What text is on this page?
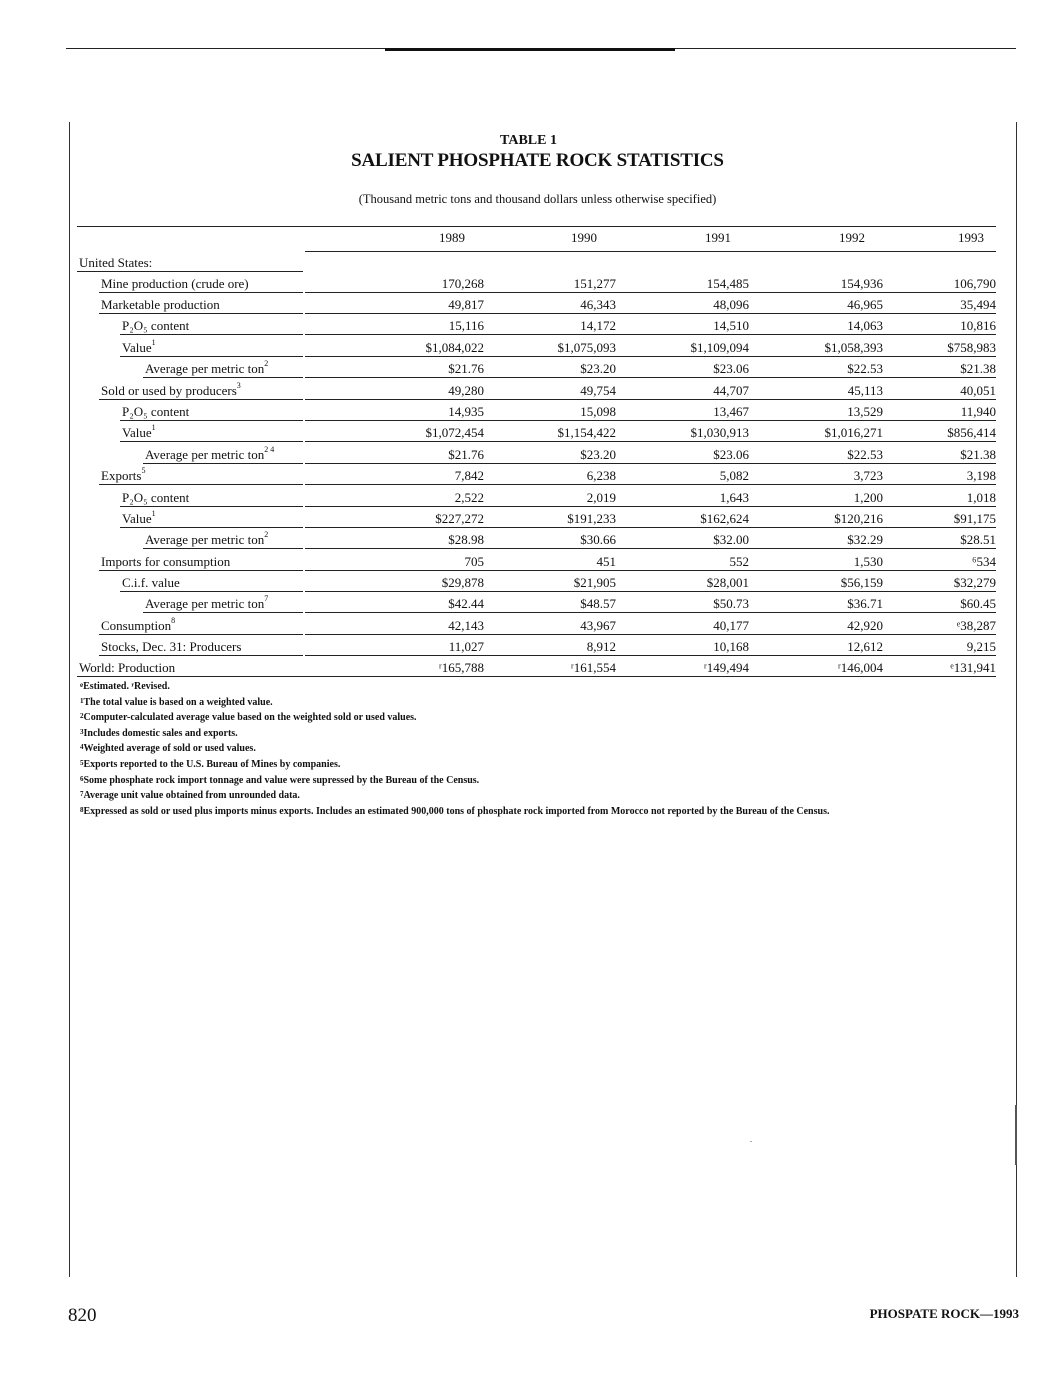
TABLE 1
SALIENT PHOSPHATE ROCK STATISTICS
(Thousand metric tons and thousand dollars unless otherwise specified)
1989	1990	1991	1992	1993
United States:
Mine production (crude ore)	170,268	151,277	154,485	154,936	106,790
Marketable production	49,817	46,343	48,096	46,965	35,494
P₂O₅ content	15,116	14,172	14,510	14,063	10,816
Value$^1$	$1,084,022	$1,075,093	$1,109,094	$1,058,393	$758,983
Average per metric ton$^2$	$21.76	$23.20	$23.06	$22.53	$21.38
Sold or used by producers$^3$	49,280	49,754	44,707	45,113	40,051
P₂O₅ content	14,935	15,098	13,467	13,529	11,940
Value$^1$	$1,072,454	$1,154,422	$1,030,913	$1,016,271	$856,414
Average per metric ton$^{2 4}$	$21.76	$23.20	$23.06	$22.53	$21.38
Exports$^5$	7,842	6,238	5,082	3,723	3,198
P₂O₅ content	2,522	2,019	1,643	1,200	1,018
Value$^1$	$227,272	$191,233	$162,624	$120,216	$91,175
Average per metric ton$^2$	$28.98	$30.66	$32.00	$32.29	$28.51
Imports for consumption	705	451	552	1,530	⁶534
C.i.f. value	$29,878	$21,905	$28,001	$56,159	$32,279
Average per metric ton$^7$	$42.44	$48.57	$50.73	$36.71	$60.45
Consumption$^8$	42,143	43,967	40,177	42,920	ᵉ38,287
Stocks, Dec. 31: Producers	11,027	8,912	10,168	12,612	9,215
World: Production	ʳ165,788	ʳ161,554	ʳ149,494	ʳ146,004	ᵉ131,941
$^e$Estimated. ʳRevised.
$^1$The total value is based on a weighted value.
$^2$Computer-calculated average value based on the weighted sold or used values.
$^3$Includes domestic sales and exports.
$^4$Weighted average of sold or used values.
$^5$Exports reported to the U.S. Bureau of Mines by companies.
$^6$Some phosphate rock import tonnage and value were supressed by the Bureau of the Census.
$^7$Average unit value obtained from unrounded data.
$^8$Expressed as sold or used plus imports minus exports. Includes an estimated 900,000 tons of phosphate rock imported from Morocco not reported by the Bureau of the Census.
820	PHOSPATE ROCK—1993
